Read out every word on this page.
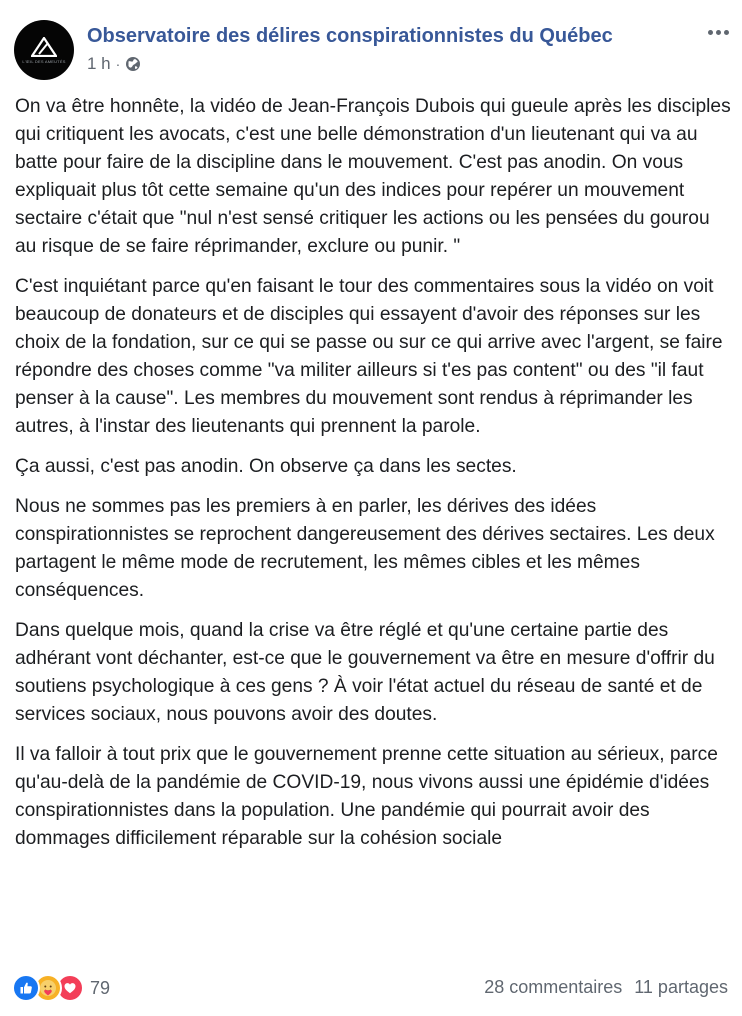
L'ŒIL DES AMEUTÉS
Observatoire des délires conspirationnistes du Québec
1 h ·

On va être honnête, la vidéo de Jean-François Dubois qui gueule après les disciples qui critiquent les avocats, c'est une belle démonstration d'un lieutenant qui va au batte pour faire de la discipline dans le mouvement. C'est pas anodin. On vous expliquait plus tôt cette semaine qu'un des indices pour repérer un mouvement sectaire c'était que "nul n'est sensé critiquer les actions ou les pensées du gourou au risque de se faire réprimander, exclure ou punir. "

C'est inquiétant parce qu'en faisant le tour des commentaires sous la vidéo on voit beaucoup de donateurs et de disciples qui essayent d'avoir des réponses sur les choix de la fondation, sur ce qui se passe ou sur ce qui arrive avec l'argent, se faire répondre des choses comme "va militer ailleurs si t'es pas content" ou des "il faut penser à la cause". Les membres du mouvement sont rendus à réprimander les autres, à l'instar des lieutenants qui prennent la parole.

Ça aussi, c'est pas anodin. On observe ça dans les sectes.

Nous ne sommes pas les premiers à en parler, les dérives des idées conspirationnistes se reprochent dangereusement des dérives sectaires. Les deux partagent le même mode de recrutement, les mêmes cibles et les mêmes conséquences.

Dans quelque mois, quand la crise va être réglé et qu'une certaine partie des adhérant vont déchanter, est-ce que le gouvernement va être en mesure d'offrir du soutiens psychologique à ces gens ? À voir l'état actuel du réseau de santé et de services sociaux, nous pouvons avoir des doutes.

Il va falloir à tout prix que le gouvernement prenne cette situation au sérieux, parce qu'au-delà de la pandémie de COVID-19, nous vivons aussi une épidémie d'idées conspirationnistes dans la population. Une pandémie qui pourrait avoir des dommages difficilement réparable sur la cohésion sociale

79	28 commentaires 11 partages
